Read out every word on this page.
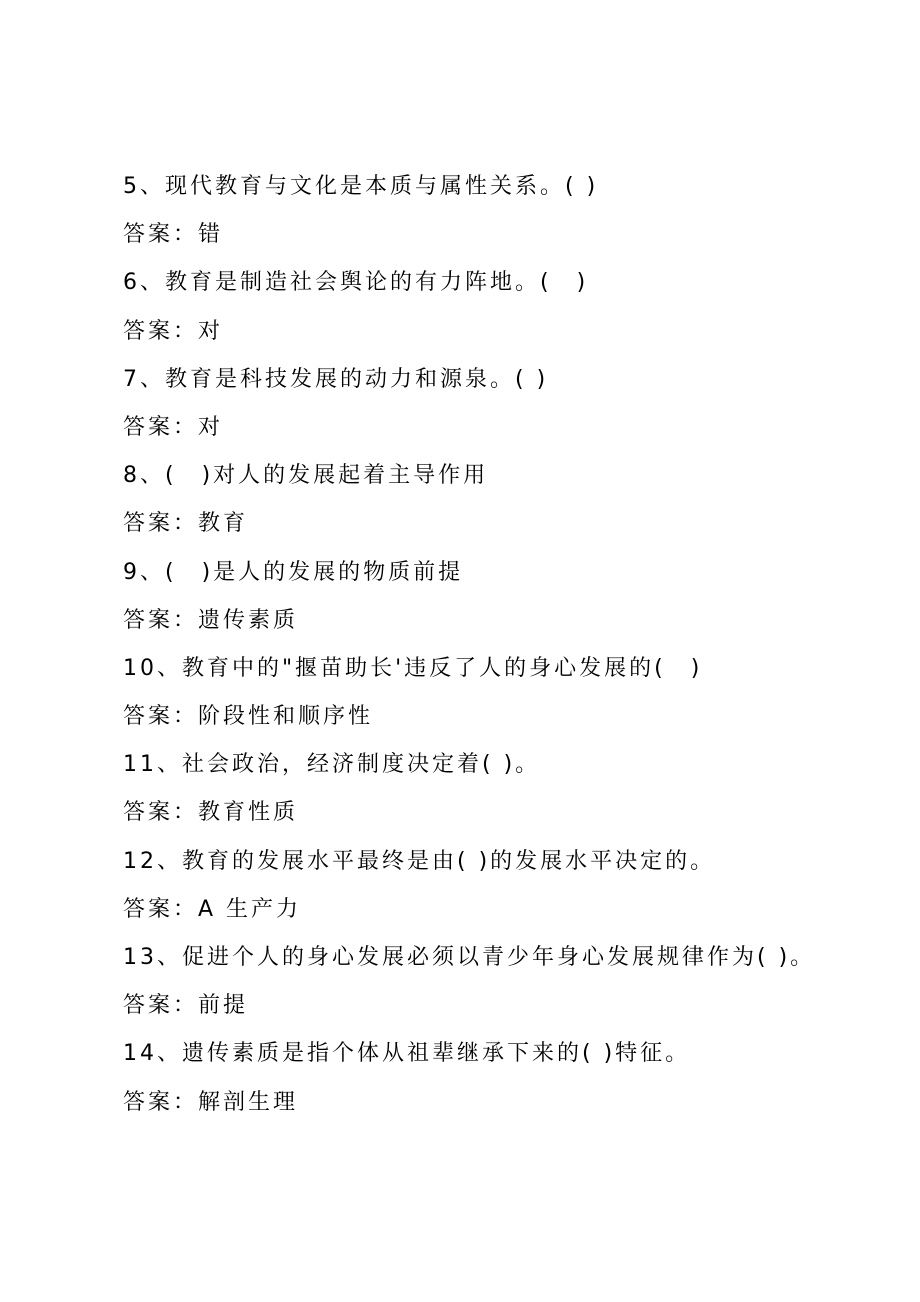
5、现代教育与文化是本质与属性关系。( )
答案：错
6、教育是制造社会舆论的有力阵地。(　)
答案：对
7、教育是科技发展的动力和源泉。( )
答案：对
8、(　)对人的发展起着主导作用
答案：教育
9、(　)是人的发展的物质前提
答案：遗传素质
10、教育中的"揠苗助长'违反了人的身心发展的(　)
答案：阶段性和顺序性
11、社会政治，经济制度决定着( )。
答案：教育性质
12、教育的发展水平最终是由( )的发展水平决定的。
答案：A 生产力
13、促进个人的身心发展必须以青少年身心发展规律作为( )。
答案：前提
14、遗传素质是指个体从祖辈继承下来的( )特征。
答案：解剖生理
